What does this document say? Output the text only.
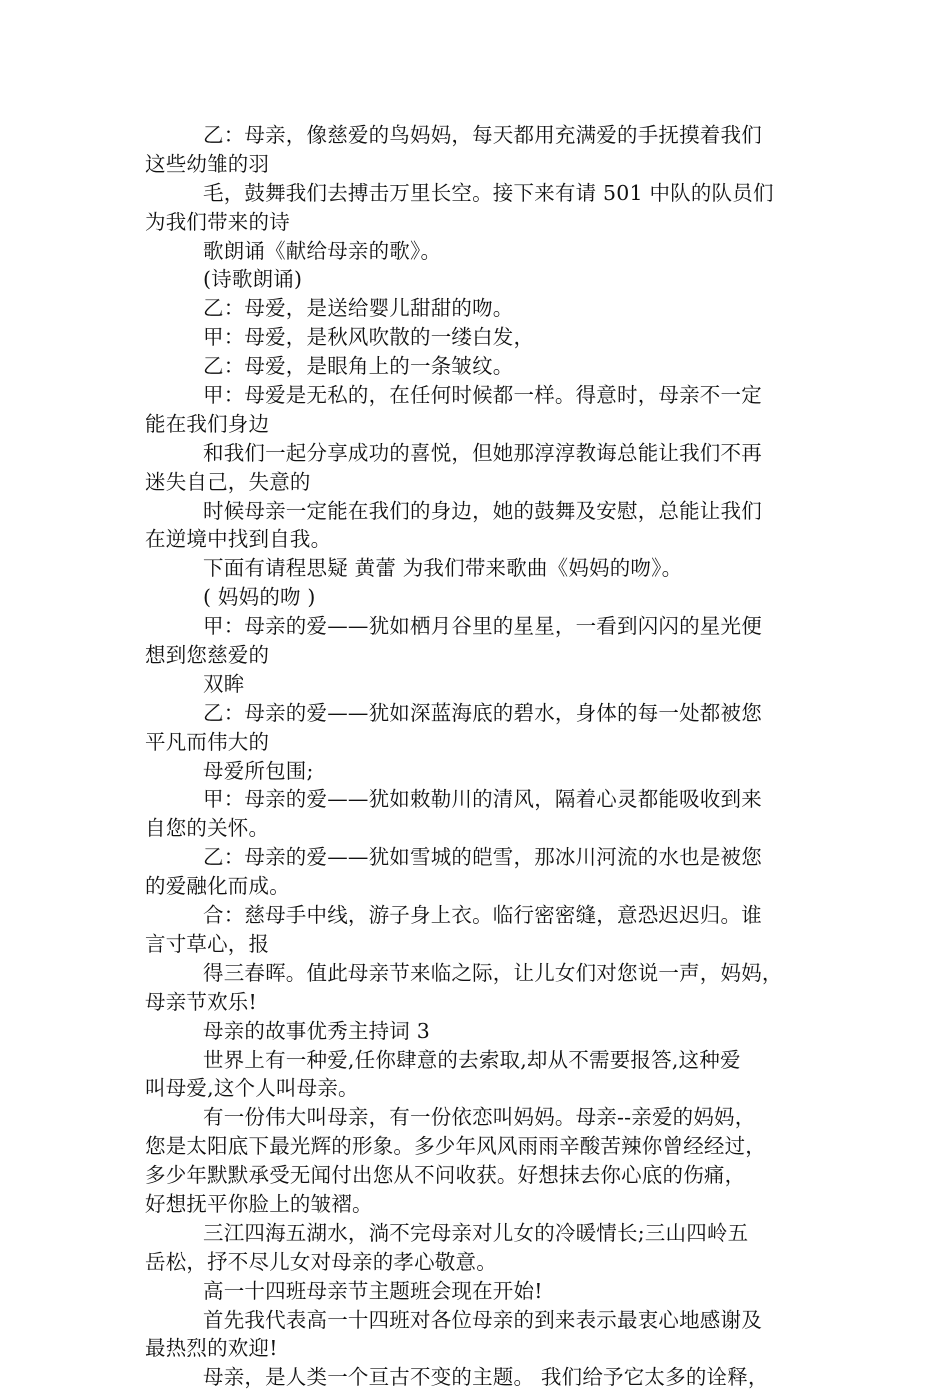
乙：母亲，像慈爱的鸟妈妈，每天都用充满爱的手抚摸着我们
这些幼雏的羽
毛，鼓舞我们去搏击万里长空。接下来有请 501 中队的队员们
为我们带来的诗
歌朗诵《献给母亲的歌》。
(诗歌朗诵)
乙：母爱，是送给婴儿甜甜的吻。
甲：母爱，是秋风吹散的一缕白发，
乙：母爱，是眼角上的一条皱纹。
甲：母爱是无私的，在任何时候都一样。得意时，母亲不一定
能在我们身边
和我们一起分享成功的喜悦，但她那淳淳教诲总能让我们不再
迷失自己，失意的
时候母亲一定能在我们的身边，她的鼓舞及安慰，总能让我们
在逆境中找到自我。
下面有请程思疑 黄蕾 为我们带来歌曲《妈妈的吻》。
( 妈妈的吻 )
甲：母亲的爱——犹如栖月谷里的星星，一看到闪闪的星光便
想到您慈爱的
双眸
乙：母亲的爱——犹如深蓝海底的碧水，身体的每一处都被您
平凡而伟大的
母爱所包围;
甲：母亲的爱——犹如敕勒川的清风，隔着心灵都能吸收到来
自您的关怀。
乙：母亲的爱——犹如雪城的皑雪，那冰川河流的水也是被您
的爱融化而成。
合：慈母手中线，游子身上衣。临行密密缝，意恐迟迟归。谁
言寸草心，报
得三春晖。值此母亲节来临之际，让儿女们对您说一声，妈妈，
母亲节欢乐!
母亲的故事优秀主持词 3
世界上有一种爱,任你肆意的去索取,却从不需要报答,这种爱
叫母爱,这个人叫母亲。
有一份伟大叫母亲，有一份依恋叫妈妈。母亲--亲爱的妈妈，
您是太阳底下最光辉的形象。多少年风风雨雨辛酸苦辣你曾经经过，
多少年默默承受无闻付出您从不问收获。好想抹去你心底的伤痛，
好想抚平你脸上的皱褶。
三江四海五湖水，淌不完母亲对儿女的冷暖情长;三山四岭五
岳松，抒不尽儿女对母亲的孝心敬意。
高一十四班母亲节主题班会现在开始!
首先我代表高一十四班对各位母亲的到来表示最衷心地感谢及
最热烈的欢迎!
母亲，是人类一个亘古不变的主题。 我们给予它太多的诠释，
